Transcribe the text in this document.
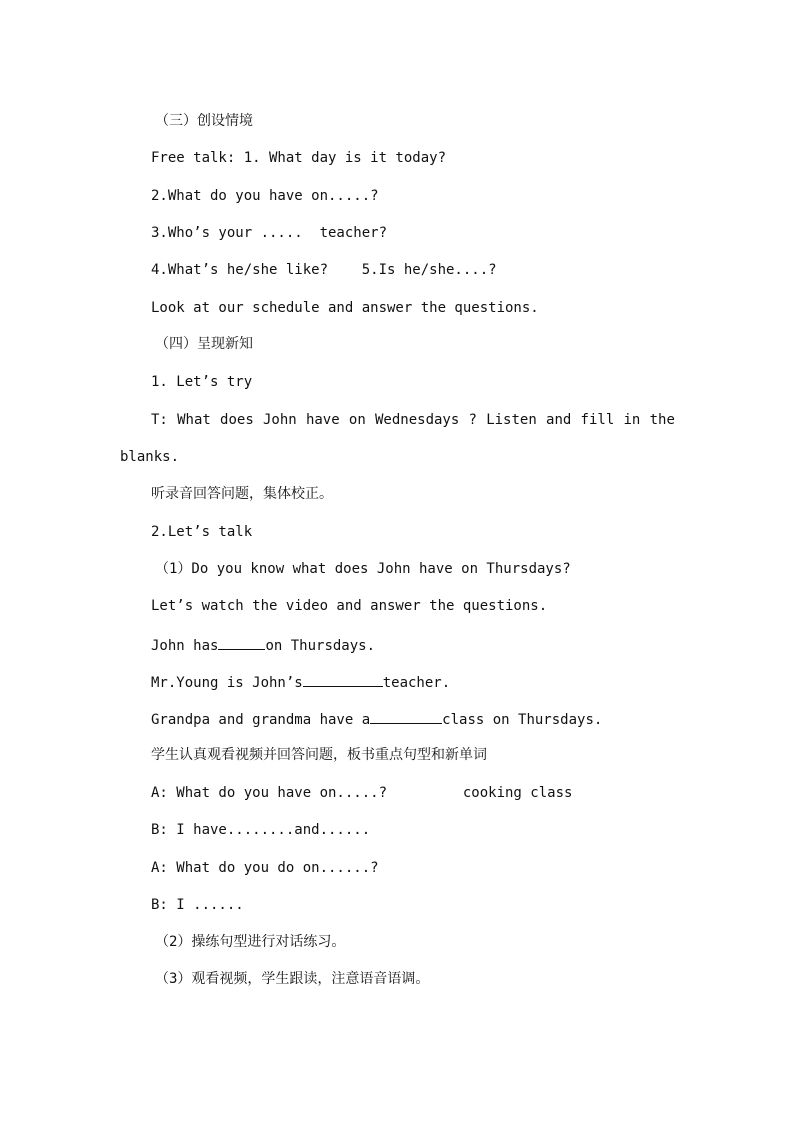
（三）创设情境
Free talk: 1. What day is it today?
2.What do you have on.....?
3.Who’s your .....  teacher?
4.What’s he/she like?    5.Is he/she....?
Look at our schedule and answer the questions.
（四）呈现新知
1. Let’s try
T: What does John have on Wednesdays ? Listen and fill in the
blanks.
听录音回答问题，集体校正。
2.Let’s talk
（1）Do you know what does John have on Thursdays?
Let’s watch the video and answer the questions.
John has	on Thursdays.
Mr.Young is John’s	teacher.
Grandpa and grandma have a	class on Thursdays.
学生认真观看视频并回答问题，板书重点句型和新单词
A: What do you have on.....?         cooking class
B: I have........and......
A: What do you do on......?
B: I ......
（2）操练句型进行对话练习。
（3）观看视频，学生跟读，注意语音语调。
